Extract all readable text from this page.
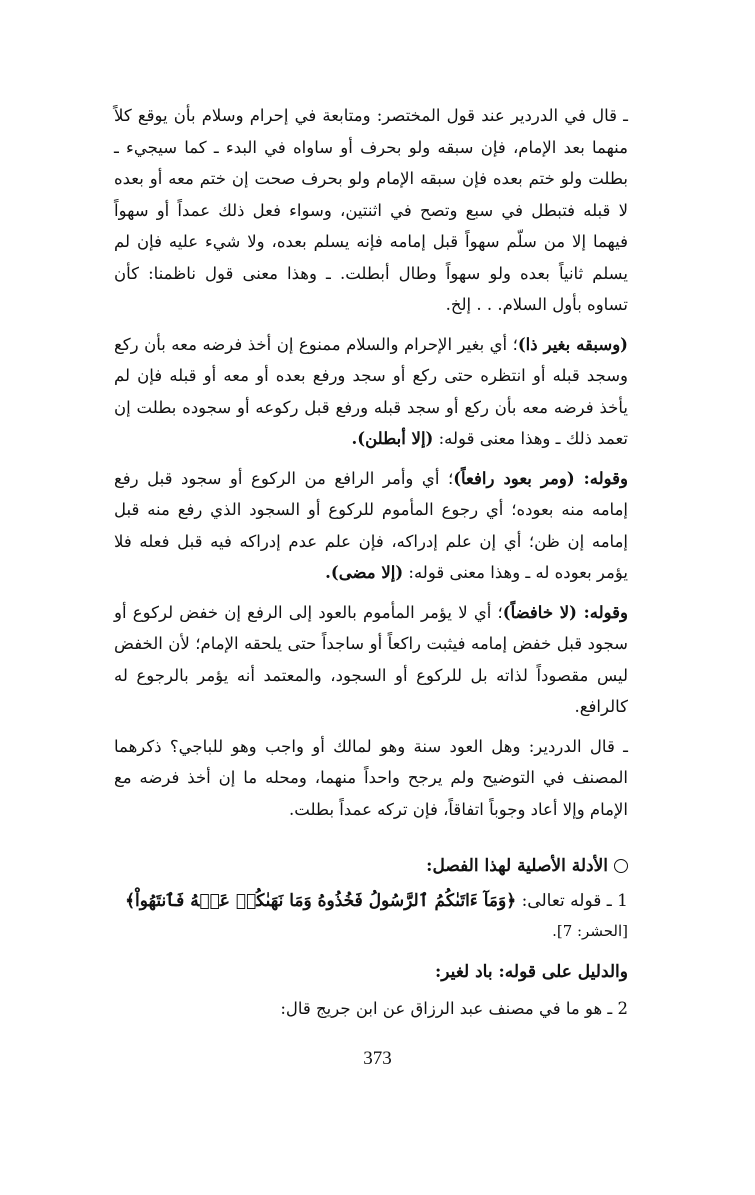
ـ قال في الدردير عند قول المختصر: ومتابعة في إحرام وسلام بأن يوقع كلاً منهما بعد الإمام، فإن سبقه ولو بحرف أو ساواه في البدء ـ كما سيجيء ـ بطلت ولو ختم بعده فإن سبقه الإمام ولو بحرف صحت إن ختم معه أو بعده لا قبله فتبطل في سبع وتصح في اثنتين، وسواء فعل ذلك عمداً أو سهواً فيهما إلا من سلّم سهواً قبل إمامه فإنه يسلم بعده، ولا شيء عليه فإن لم يسلم ثانياً بعده ولو سهواً وطال أبطلت. ـ وهذا معنى قول ناظمنا: كأن تساوه بأول السلام. . . إلخ.

(وسبقه بغير ذا)؛ أي بغير الإحرام والسلام ممنوع إن أخذ فرضه معه بأن ركع وسجد قبله أو انتظره حتى ركع أو سجد ورفع بعده أو معه أو قبله فإن لم يأخذ فرضه معه بأن ركع أو سجد قبله ورفع قبل ركوعه أو سجوده بطلت إن تعمد ذلك ـ وهذا معنى قوله: (إلا أبطلن).

وقوله: (ومر بعود رافعاً)؛ أي وأمر الرافع من الركوع أو سجود قبل رفع إمامه منه بعوده؛ أي رجوع المأموم للركوع أو السجود الذي رفع منه قبل إمامه إن ظن؛ أي إن علم إدراكه، فإن علم عدم إدراكه فيه قبل فعله فلا يؤمر بعوده له ـ وهذا معنى قوله: (إلا مضى).

وقوله: (لا خافضاً)؛ أي لا يؤمر المأموم بالعود إلى الرفع إن خفض لركوع أو سجود قبل خفض إمامه فيثبت راكعاً أو ساجداً حتى يلحقه الإمام؛ لأن الخفض ليس مقصوداً لذاته بل للركوع أو السجود، والمعتمد أنه يؤمر بالرجوع له كالرافع.

ـ قال الدردير: وهل العود سنة وهو لمالك أو واجب وهو للباجي؟ ذكرهما المصنف في التوضيح ولم يرجح واحداً منهما، ومحله ما إن أخذ فرضه مع الإمام وإلا أعاد وجوباً اتفاقاً، فإن تركه عمداً بطلت.

الأدلة الأصلية لهذا الفصل:

1 ـ قوله تعالى: ﴿وَمَآ ءَاتَىٰكُمُ ٱلرَّسُولُ فَخُذُوهُ وَمَا نَهَىٰكُمۡ عَنۡهُ فَٱنتَهُواْ﴾

[الحشر: 7].

والدليل على قوله: باد لغير:

2 ـ هو ما في مصنف عبد الرزاق عن ابن جريج قال:

373
